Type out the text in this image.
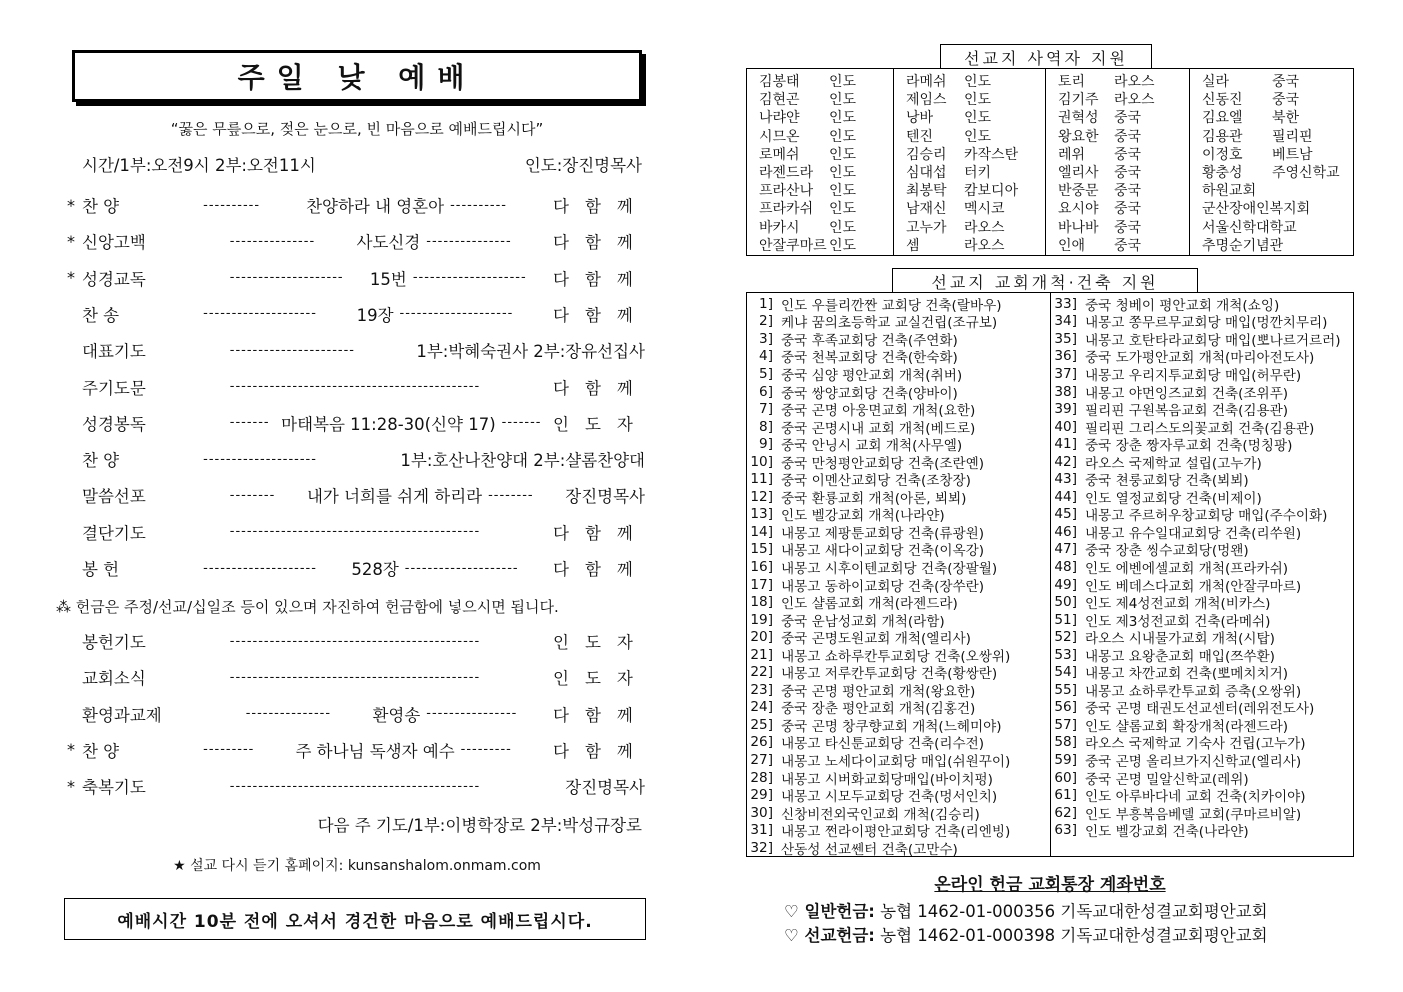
주일 낮 예배
“꿇은 무릎으로, 젖은 눈으로, 빈 마음으로 예배드립시다”
시간/1부:오전9시 2부:오전11시	인도:장진명목사
* 찬 양	----------	찬양하라 내 영혼아 ----------	다함께
* 신앙고백	---------------	사도신경 ---------------	다함께
* 성경교독	--------------------	15번 --------------------	다함께
찬 송	--------------------	19장 --------------------	다함께
대표기도	----------------------	1부:박혜숙권사 2부:장유선집사
주기도문	--------------------------------------------	다함께
성경봉독	------- 마태복음 11:28-30(신약 17) ------- 인도자
찬 양	--------------------	1부:호산나찬양대 2부:샬롬찬양대
말씀선포	--------	내가 너희를 쉬게 하리라 --------	장진명목사
결단기도	--------------------------------------------	다함께
봉 헌	--------------------	528장 --------------------	다함께
봉헌기도	--------------------------------------------	인도자
교회소식	--------------------------------------------	인도자
환영과교제	---------------	환영송 ----------------	다함께
* 찬 양	---------	주 하나님 독생자 예수 ---------	다함께
* 축복기도	--------------------------------------------	장진명목사
⁂ 헌금은 주정/선교/십일조 등이 있으며 자진하여 헌금함에 넣으시면 됩니다.
다음 주 기도/1부:이병학장로 2부:박성규장로
★ 설교 다시 듣기 홈페이지: kunsanshalom.onmam.com
예배시간 10분 전에 오셔서 경건한 마음으로 예배드립시다.
선교지 사역자 지원
김봉태	인도
김현곤	인도
나랴얀	인도
시므온	인도
로메쉬	인도
라젠드라	인도
프라산나	인도
프라카쉬	인도
바카시	인도
안잘쿠마르 인도
라메쉬	인도
제임스	인도
낭바	인도
텐진	인도
김승리	카작스탄
심대섭	터키
최봉탁	캄보디아
남재신	멕시코
고누가	라오스
셈	라오스
토리	라오스
김기주	라오스
권혁성	중국
왕요한	중국
레위	중국
엘리사	중국
반중문	중국
요시야	중국
바나바	중국
인애	중국
실라	중국
신동진	중국
김요엘	북한
김용관	필리핀
이정호	베트남
황충성	주영신학교
하원교회
군산장애인복지회
서울신학대학교
추명순기념관
선교지 교회개척·건축 지원
1] 인도 우를리깐짠 교회당 건축(랄바우)
2] 케냐 꿈의초등학교 교실건립(조규보)
3] 중국 후족교회당 건축(주연화)
4] 중국 천복교회당 건축(한숙화)
5] 중국 심양 평안교회 개척(취버)
6] 중국 쌍양교회당 건축(양바이)
7] 중국 곤명 아웅면교회 개척(요한)
8] 중국 곤명시내 교회 개척(베드로)
9] 중국 안닝시 교회 개척(사무엘)
10] 중국 만청평안교회당 건축(조란옌)
11] 중국 이멘산교회당 건축(조창장)
12] 중국 환룡교회 개척(아론, 뵈뵈)
13] 인도 벨강교회 개척(나라얀)
14] 내몽고 제팡툰교회당 건축(류광원)
15] 내몽고 새다이교회당 건축(이옥강)
16] 내몽고 시후이텐교회당 건축(장팔월)
17] 내몽고 동하이교회당 건축(장쑤란)
18] 인도 샬롬교회 개척(라젠드라)
19] 중국 운남성교회 개척(라함)
20] 중국 곤명도원교회 개척(엘리사)
21] 내몽고 쇼하루칸투교회당 건축(오쌍위)
22] 내몽고 저루칸투교회당 건축(황쌍란)
23] 중국 곤명 평안교회 개척(왕요한)
24] 중국 장춘 평안교회 개척(김홍건)
25] 중국 곤명 창쿠향교회 개척(느헤미야)
26] 내몽고 타신툰교회당 건축(리수전)
27] 내몽고 노세다이교회당 매입(쉬원꾸이)
28] 내몽고 시버화교회당매입(바이치펑)
29] 내몽고 시모두교회당 건축(멍서인치)
30] 신창비전외국인교회 개척(김승리)
31] 내몽고 쩐라이평안교회당 건축(리엔빙)
32] 산동성 선교쎈터 건축(고만수)
33] 중국 청베이 평안교회 개척(쇼잉)
34] 내몽고 쫑무르무교회당 매입(멍깐치무리)
35] 내몽고 호탄타라교회당 매입(뽀나르거르러)
36] 중국 도가평안교회 개척(마리아전도사)
37] 내몽고 우리지투교회당 매입(허무란)
38] 내몽고 야먼잉즈교회 건축(조위푸)
39] 필리핀 구원복음교회 건축(김용관)
40] 필리핀 그리스도의꽃교회 건축(김용관)
41] 중국 장춘 짱자루교회 건축(멍칭팡)
42] 라오스 국제학교 설립(고누가)
43] 중국 쳔룽교회당 건축(뵈뵈)
44] 인도 열정교회당 건축(비제이)
45] 내몽고 주르허우창교회당 매입(주수이화)
46] 내몽고 유수일대교회당 건축(리쑤원)
47] 중국 장춘 씽수교회당(멍왠)
48] 인도 에벤에셀교회 개척(프라카쉬)
49] 인도 베데스다교회 개척(안잘쿠마르)
50] 인도 제4성전교회 개척(비카스)
51] 인도 제3성전교회 건축(라메쉬)
52] 라오스 시내물가교회 개척(시탑)
53] 내몽고 요왕춘교회 매입(쯔쑤환)
54] 내몽고 차깐교회 건축(뽀메치치거)
55] 내몽고 쇼하루칸투교회 증축(오쌍위)
56] 중국 곤명 태권도선교센터(레위전도사)
57] 인도 샬롬교회 확장개척(라젠드라)
58] 라오스 국제학교 기숙사 건립(고누가)
59] 중국 곤명 올리브가지신학교(엘리사)
60] 중국 곤명 밀알신학교(레위)
61] 인도 아루바다네 교회 건축(치카이야)
62] 인도 부흥복음베델 교회(쿠마르비알)
63] 인도 벨강교회 건축(나라얀)
온라인 헌금 교회통장 계좌번호
♡ 일반헌금: 농협 1462-01-000356 기독교대한성결교회평안교회
♡ 선교헌금: 농협 1462-01-000398 기독교대한성결교회평안교회
